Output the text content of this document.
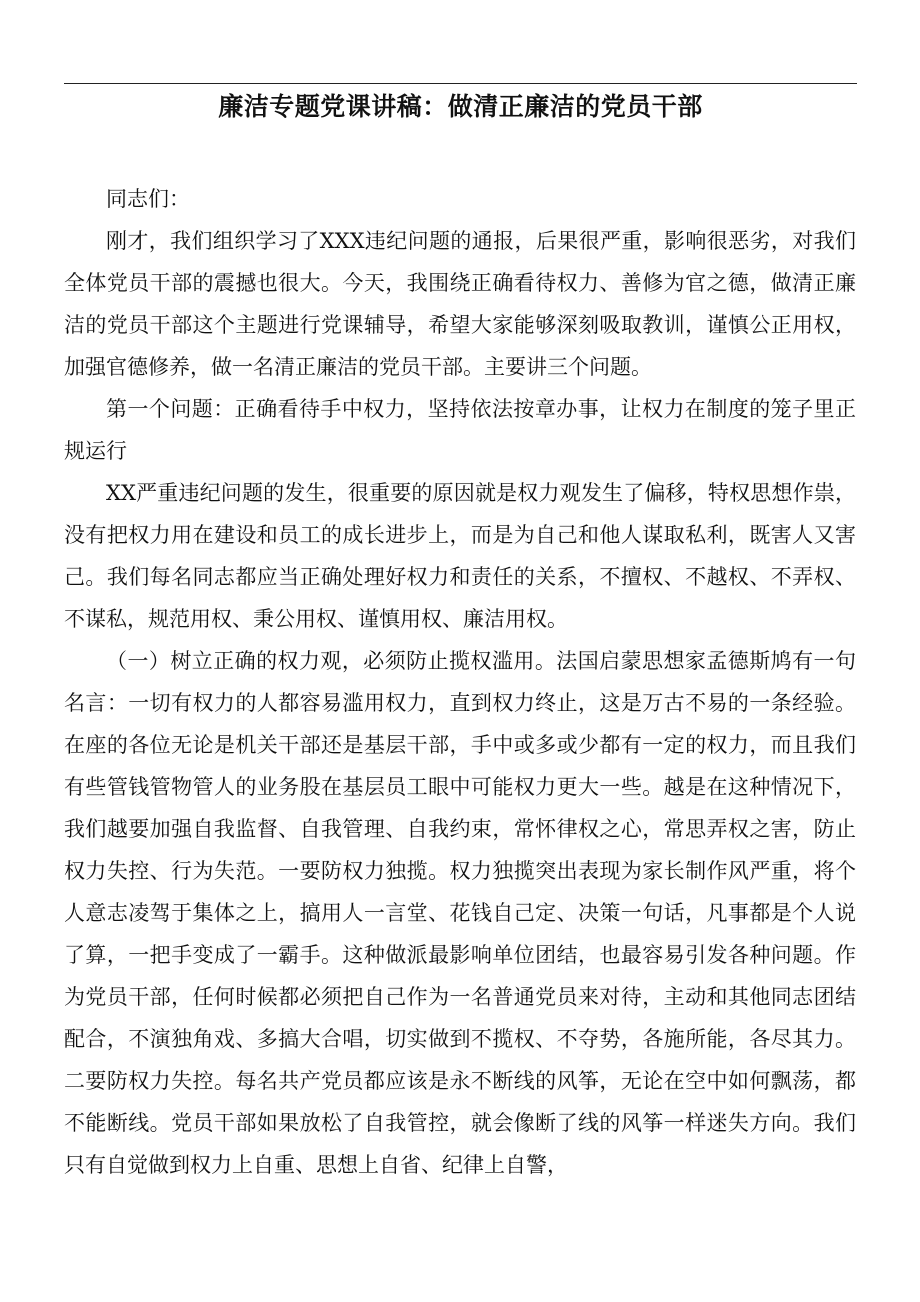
廉洁专题党课讲稿：做清正廉洁的党员干部

同志们：

刚才，我们组织学习了XXX违纪问题的通报，后果很严重，影响很恶劣，对我们全体党员干部的震撼也很大。今天，我围绕正确看待权力、善修为官之德，做清正廉洁的党员干部这个主题进行党课辅导，希望大家能够深刻吸取教训，谨慎公正用权，加强官德修养，做一名清正廉洁的党员干部。主要讲三个问题。

第一个问题：正确看待手中权力，坚持依法按章办事，让权力在制度的笼子里正规运行

XX严重违纪问题的发生，很重要的原因就是权力观发生了偏移，特权思想作祟，没有把权力用在建设和员工的成长进步上，而是为自己和他人谋取私利，既害人又害己。我们每名同志都应当正确处理好权力和责任的关系，不擅权、不越权、不弄权、不谋私，规范用权、秉公用权、谨慎用权、廉洁用权。

（一）树立正确的权力观，必须防止揽权滥用。法国启蒙思想家孟德斯鸠有一句名言：一切有权力的人都容易滥用权力，直到权力终止，这是万古不易的一条经验。在座的各位无论是机关干部还是基层干部，手中或多或少都有一定的权力，而且我们有些管钱管物管人的业务股在基层员工眼中可能权力更大一些。越是在这种情况下，我们越要加强自我监督、自我管理、自我约束，常怀律权之心，常思弄权之害，防止权力失控、行为失范。一要防权力独揽。权力独揽突出表现为家长制作风严重，将个人意志凌驾于集体之上，搞用人一言堂、花钱自己定、决策一句话，凡事都是个人说了算，一把手变成了一霸手。这种做派最影响单位团结，也最容易引发各种问题。作为党员干部，任何时候都必须把自己作为一名普通党员来对待，主动和其他同志团结配合，不演独角戏、多搞大合唱，切实做到不揽权、不夺势，各施所能，各尽其力。二要防权力失控。每名共产党员都应该是永不断线的风筝，无论在空中如何飘荡，都不能断线。党员干部如果放松了自我管控，就会像断了线的风筝一样迷失方向。我们只有自觉做到权力上自重、思想上自省、纪律上自警，
